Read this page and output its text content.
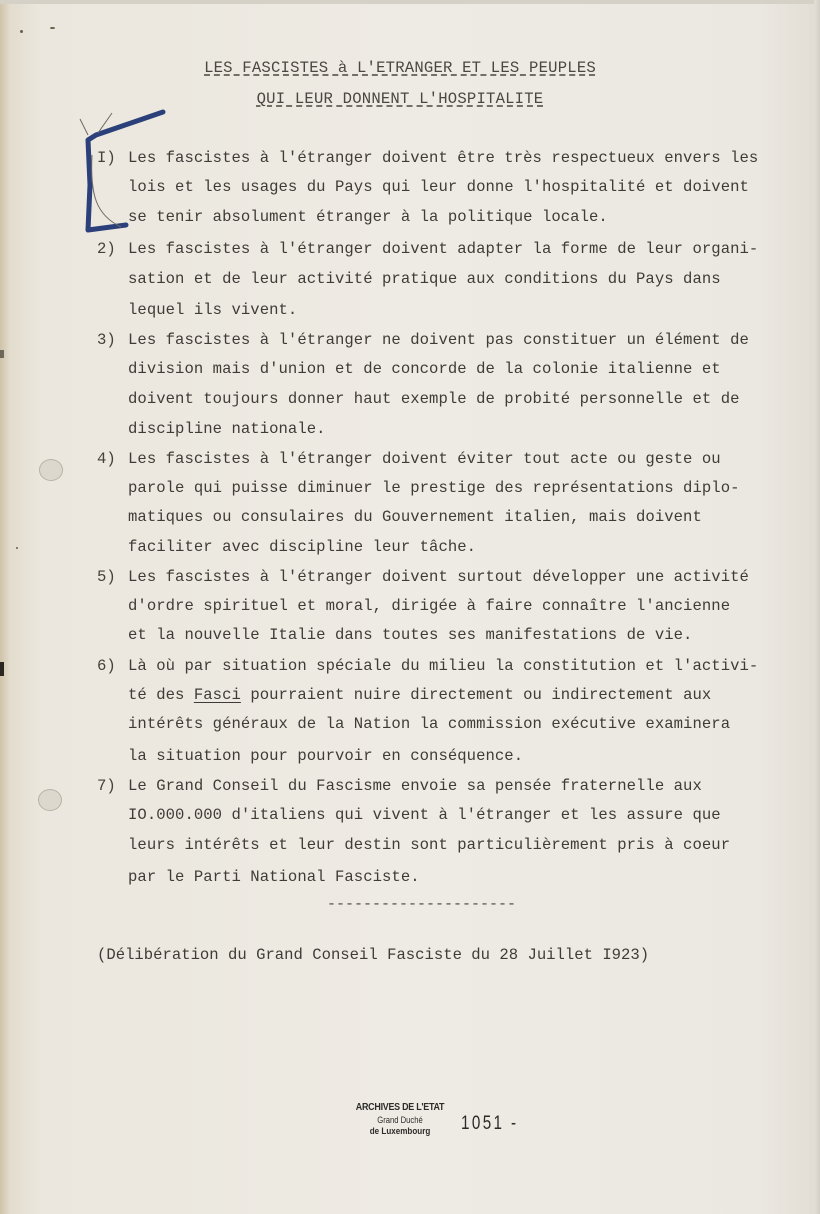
LES FASCISTES à L'ETRANGER ET LES PEUPLES
QUI LEUR DONNENT L'HOSPITALITE
I) Les fascistes à l'étranger doivent être très respectueux envers les
lois et les usages du Pays qui leur donne l'hospitalité et doivent
se tenir absolument étranger à la politique locale.
2) Les fascistes à l'étranger doivent adapter la forme de leur organi-
sation et de leur activité pratique aux conditions du Pays dans
lequel ils vivent.
3) Les fascistes à l'étranger ne doivent pas constituer un élément de
division mais d'union et de concorde de la colonie italienne et
doivent toujours donner haut exemple de probité personnelle et de
discipline nationale.
4) Les fascistes à l'étranger doivent éviter tout acte ou geste ou
parole qui puisse diminuer le prestige des représentations diplo-
matiques ou consulaires du Gouvernement italien, mais doivent
faciliter avec discipline leur tâche.
5) Les fascistes à l'étranger doivent surtout développer une activité
d'ordre spirituel et moral, dirigée à faire connaître l'ancienne
et la nouvelle Italie dans toutes ses manifestations de vie.
6) Là où par situation spéciale du milieu la constitution et l'activi-
té des Fasci pourraient nuire directement ou indirectement aux
intérêts généraux de la Nation la commission exécutive examinera
la situation pour pourvoir en conséquence.
7) Le Grand Conseil du Fascisme envoie sa pensée fraternelle aux
IO.000.000 d'italiens qui vivent à l'étranger et les assure que
leurs intérêts et leur destin sont particulièrement pris à coeur
par le Parti National Fasciste.
---------------------
(Délibération du Grand Conseil Fasciste du 28 Juillet I923)
ARCHIVES DE L'ETAT
Grand Duché
de Luxembourg	1051 -
